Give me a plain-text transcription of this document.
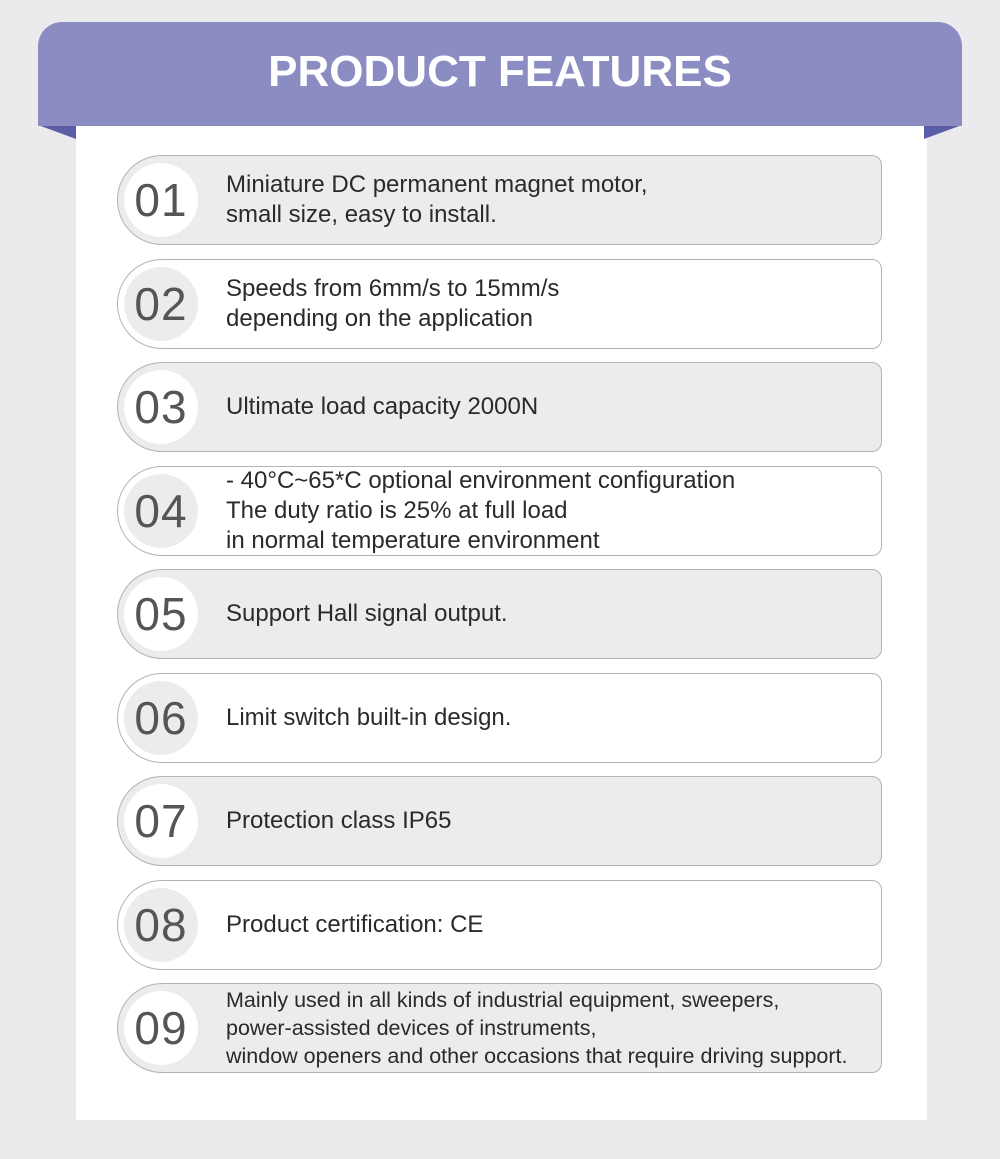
PRODUCT FEATURES
01	Miniature DC permanent magnet motor,
small size, easy to install.
02	Speeds from 6mm/s to 15mm/s
depending on the application
03	Ultimate load capacity 2000N
04
- 40°C~65*C optional environment configuration
The duty ratio is 25% at full load
in normal temperature environment
05	Support Hall signal output.
06	Limit switch built-in design.
07	Protection class IP65
08	Product certification: CE
09
Mainly used in all kinds of industrial equipment, sweepers,
power-assisted devices of instruments,
window openers and other occasions that require driving support.
